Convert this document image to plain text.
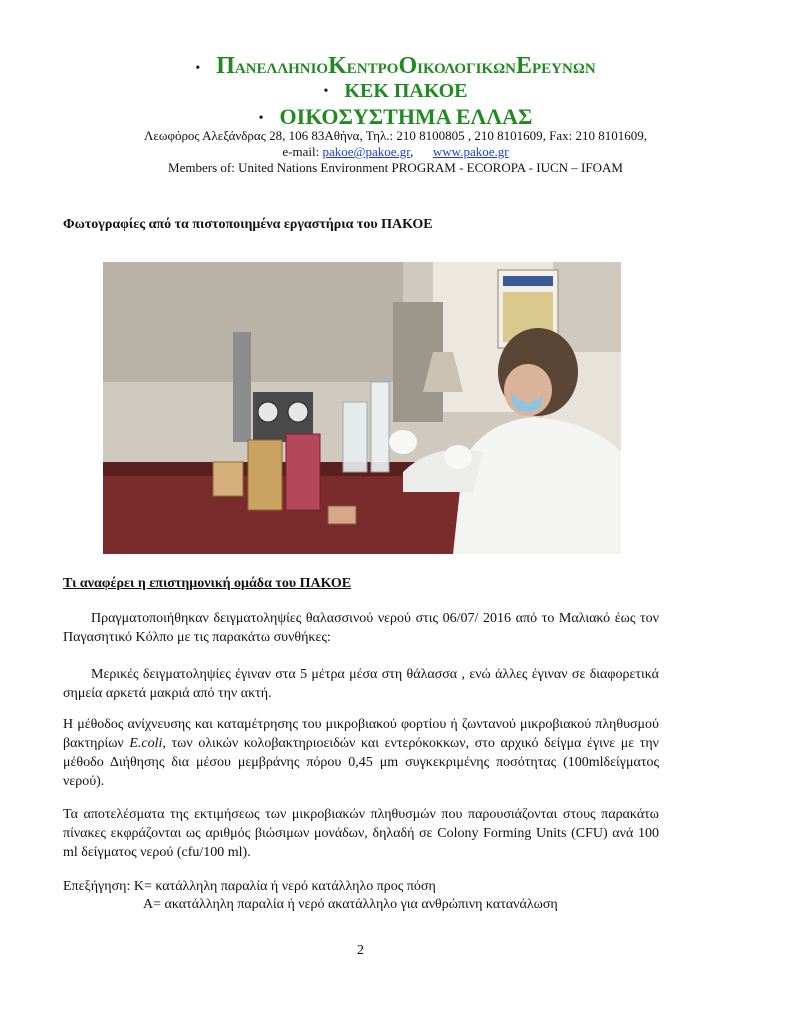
• ΠΑΝΕΛΛΗΝΙΟΚΕΝΤΡΟΟΙΚΟΛΟΓΙΚΩΝΕΡΕΥΝΩΝ
• ΚΕΚ ΠΑΚΟΕ
• ΟΙΚΟΣΥΣΤΗΜΑ ΕΛΛΑΣ
Λεωφόρος Αλεξάνδρας 28, 106 83Αθήνα, Τηλ.: 210 8100805 , 210 8101609, Fax: 210 8101609,
e-mail: pakoe@pakoe.gr,      www.pakoe.gr
Members of: United Nations Environment PROGRAM - ECOROPA - IUCN – IFOAM
Φωτογραφίες από τα πιστοποιημένα εργαστήρια του ΠΑΚΟΕ
Τι αναφέρει η επιστημονική ομάδα του ΠΑΚΟΕ
Πραγματοποιήθηκαν δειγματοληψίες θαλασσινού νερού στις 06/07/ 2016 από το Μαλιακό έως τον Παγασητικό Κόλπο με τις παρακάτω συνθήκες:
Μερικές δειγματοληψίες έγιναν στα 5 μέτρα μέσα στη θάλασσα , ενώ άλλες έγιναν σε διαφορετικά σημεία αρκετά μακριά από την ακτή.
Η μέθοδος ανίχνευσης και καταμέτρησης του μικροβιακού φορτίου ή ζωντανού μικροβιακού πληθυσμού βακτηρίων E.coli, των ολικών κολοβακτηριοειδών και εντερόκοκκων, στο αρχικό δείγμα έγινε με την μέθοδο Διήθησης δια μέσου μεμβράνης πόρου 0,45 μm συγκεκριμένης ποσότητας (100mlδείγματος νερού).
Τα αποτελέσματα της εκτιμήσεως των μικροβιακών πληθυσμών που παρουσιάζονται στους παρακάτω πίνακες εκφράζονται ως αριθμός βιώσιμων μονάδων, δηλαδή σε Colony Forming Units (CFU) ανά 100 ml δείγματος νερού (cfu/100 ml).
Επεξήγηση: Κ= κατάλληλη παραλία ή νερό κατάλληλο προς πόση
Α= ακατάλληλη παραλία ή νερό ακατάλληλο για ανθρώπινη κατανάλωση
2
